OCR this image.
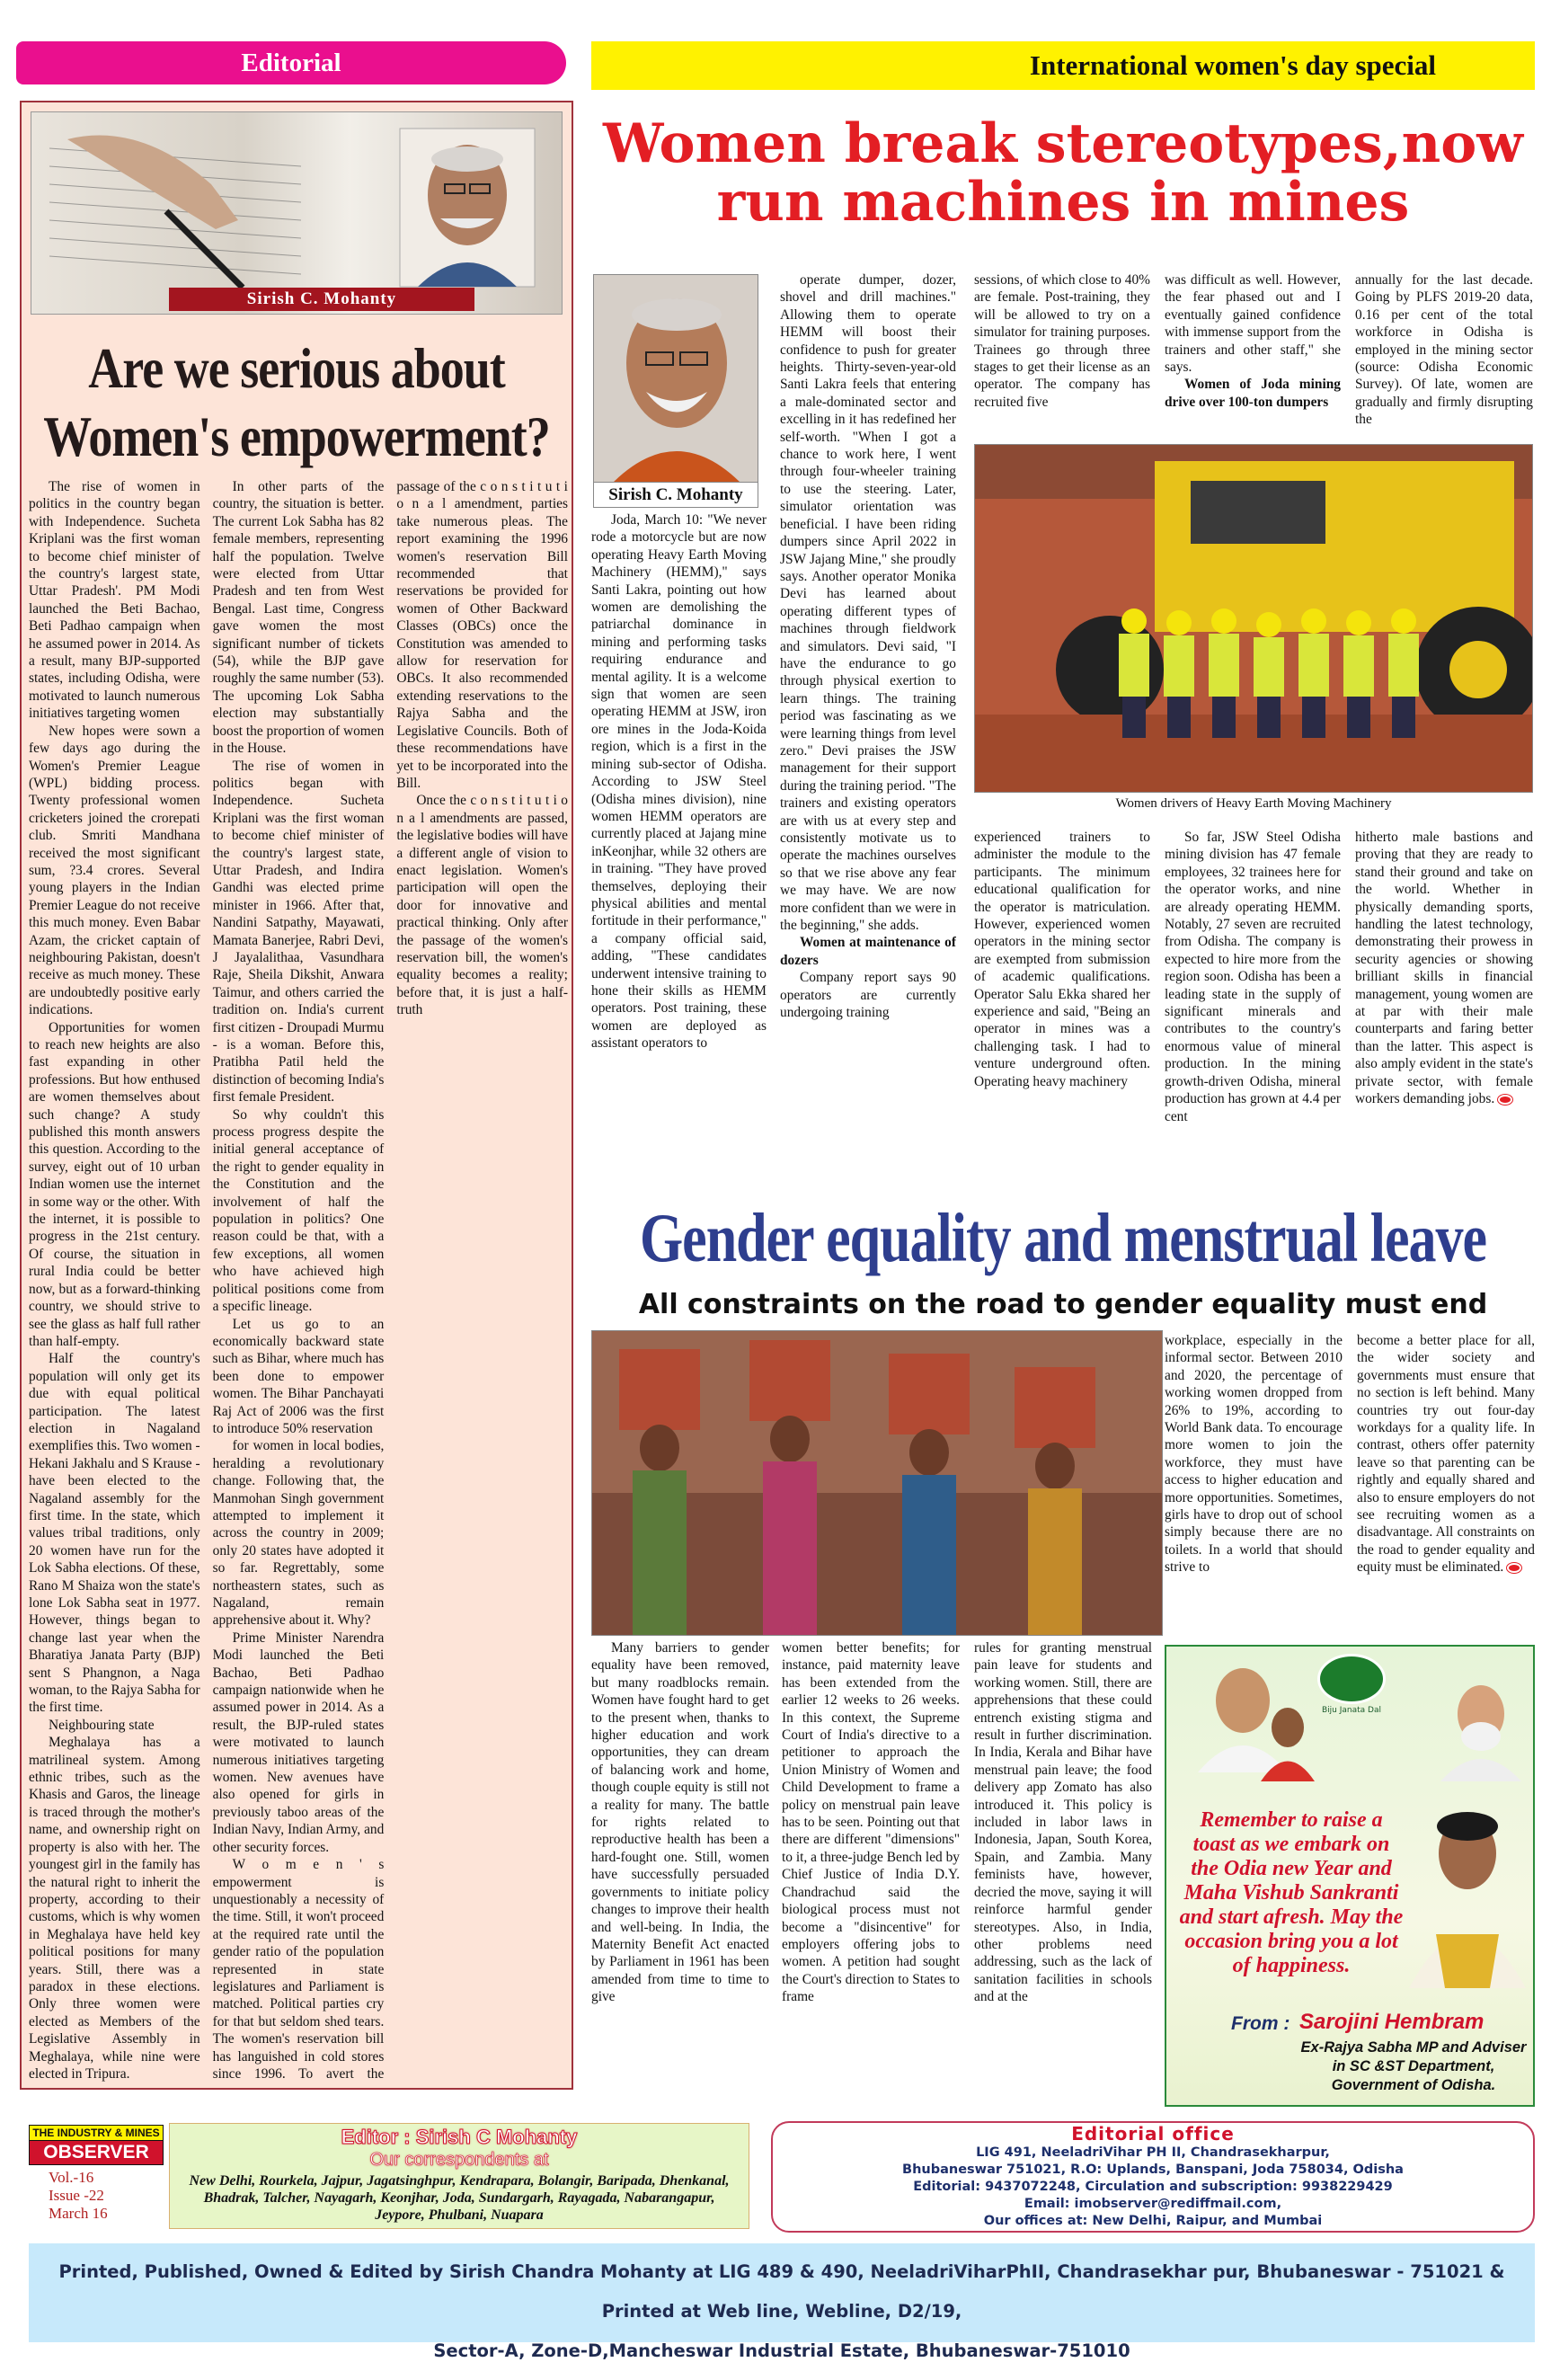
Editorial	International women's day special
Sirish C. Mohanty
Are we serious about
Women's empowerment?

The rise of women in politics in the country began with Independence. Sucheta Kriplani was the first woman to become chief minister of the country's largest state, Uttar Pradesh'. PM Modi launched the Beti Bachao, Beti Padhao campaign when he assumed power in 2014. As a result, many BJP-supported states, including Odisha, were motivated to launch numerous initiatives targeting women

New hopes were sown a few days ago during the Women's Premier League (WPL) bidding process. Twenty professional women cricketers joined the crorepati club. Smriti Mandhana received the most significant sum, ?3.4 crores. Several young players in the Indian Premier League do not receive this much money. Even Babar Azam, the cricket captain of neighbouring Pakistan, doesn't receive as much money. These are undoubtedly positive early indications.

Opportunities for women to reach new heights are also fast expanding in other professions. But how enthused are women themselves about such change? A study published this month answers this question. According to the survey, eight out of 10 urban Indian women use the internet in some way or the other. With the internet, it is possible to progress in the 21st century. Of course, the situation in rural India could be better now, but as a forward-thinking country, we should strive to see the glass as half full rather than half-empty.

Half the country's population will only get its due with equal political participation. The latest election in Nagaland exemplifies this. Two women - Hekani Jakhalu and S Krause - have been elected to the Nagaland assembly for the first time. In the state, which values tribal traditions, only 20 women have run for the Lok Sabha elections. Of these, Rano M Shaiza won the state's lone Lok Sabha seat in 1977. However, things began to change last year when the Bharatiya Janata Party (BJP) sent S Phangnon, a Naga woman, to the Rajya Sabha for the first time.

Neighbouring state

Meghalaya has a matrilineal system. Among ethnic tribes, such as the Khasis and Garos, the lineage is traced through the mother's name, and ownership right on property is also with her. The youngest girl in the family has the natural right to inherit the property, according to their customs, which is why women in Meghalaya have held key political positions for many years. Still, there was a paradox in these elections. Only three women were elected as Members of the Legislative Assembly in Meghalaya, while nine were elected in Tripura.

In other parts of the country, the situation is better. The current Lok Sabha has 82 female members, representing half the population. Twelve were elected from Uttar Pradesh and ten from West Bengal. Last time, Congress gave women the most significant number of tickets (54), while the BJP gave roughly the same number (53). The upcoming Lok Sabha election may substantially boost the proportion of women in the House.

The rise of women in politics began with Independence. Sucheta Kriplani was the first woman to become chief minister of the country's largest state, Uttar Pradesh, and Indira Gandhi was elected prime minister in 1966. After that, Nandini Satpathy, Mayawati, Mamata Banerjee, Rabri Devi, J Jayalalithaa, Vasundhara Raje, Sheila Dikshit, Anwara Taimur, and others carried the tradition on. India's current first citizen - Droupadi Murmu - is a woman. Before this, Pratibha Patil held the distinction of becoming India's first female President.

So why couldn't this process progress despite the initial general acceptance of the right to gender equality in the Constitution and the involvement of half the population in politics? One reason could be that, with a few exceptions, all women who have achieved high political positions come from a specific lineage.

Let us go to an economically backward state such as Bihar, where much has been done to empower women. The Bihar Panchayati Raj Act of 2006 was the first to introduce 50% reservation

for women in local bodies, heralding a revolutionary change. Following that, the Manmohan Singh government attempted to implement it across the country in 2009; only 20 states have adopted it so far. Regrettably, some northeastern states, such as Nagaland, remain apprehensive about it. Why?

Prime Minister Narendra Modi launched the Beti Bachao, Beti Padhao campaign nationwide when he assumed power in 2014. As a result, the BJP-ruled states were motivated to launch numerous initiatives targeting women. New avenues have also opened for girls in previously taboo areas of the Indian Navy, Indian Army, and other security forces.

W o m e n ' s empowerment is unquestionably a necessity of the time. Still, it won't proceed at the required rate until the gender ratio of the population represented in state legislatures and Parliament is matched. Political parties cry for that but seldom shed tears. The women's reservation bill has languished in cold stores since 1996. To avert the passage of the c o n s t i t u t i o n a l amendment, parties take numerous pleas. The report examining the 1996 women's reservation Bill recommended that reservations be provided for women of Other Backward Classes (OBCs) once the Constitution was amended to allow for reservation for OBCs. It also recommended extending reservations to the Rajya Sabha and the Legislative Councils. Both of these recommendations have yet to be incorporated into the Bill.

Once the c o n s t i t u t i o n a l amendments are passed, the legislative bodies will have a different angle of vision to enact legislation. Women's participation will open the door for innovative and practical thinking. Only after the passage of the women's reservation bill, the women's equality becomes a reality; before that, it is just a half-truth

Women break stereotypes,now
run machines in mines
Sirish C. Mohanty

Joda, March 10: "We never rode a motorcycle but are now operating Heavy Earth Moving Machinery (HEMM)," says Santi Lakra, pointing out how women are demolishing the patriarchal dominance in mining and performing tasks requiring endurance and mental agility. It is a welcome sign that women are seen operating HEMM at JSW, iron ore mines in the Joda-Koida region, which is a first in the mining sub-sector of Odisha. According to JSW Steel (Odisha mines division), nine women HEMM operators are currently placed at Jajang mine inKeonjhar, while 32 others are in training. "They have proved themselves, deploying their physical abilities and mental fortitude in their performance," a company official said, adding, "These candidates underwent intensive training to hone their skills as HEMM operators. Post training, these women are deployed as assistant operators to

operate dumper, dozer, shovel and drill machines." Allowing them to operate HEMM will boost their confidence to push for greater heights. Thirty-seven-year-old Santi Lakra feels that entering a male-dominated sector and excelling in it has redefined her self-worth. "When I got a chance to work here, I went through four-wheeler training to use the steering. Later, simulator orientation was beneficial. I have been riding dumpers since April 2022 in JSW Jajang Mine," she proudly says. Another operator Monika Devi has learned about operating different types of machines through fieldwork and simulators. Devi said, "I have the endurance to go through physical exertion to learn things. The training period was fascinating as we were learning things from level zero." Devi praises the JSW management for their support during the training period. "The trainers and existing operators are with us at every step and consistently motivate us to operate the machines ourselves so that we rise above any fear we may have. We are now more confident than we were in the beginning," she adds.

Women at maintenance of dozers

Company report says 90 operators are currently undergoing training

sessions, of which close to 40% are female. Post-training, they will be allowed to try on a simulator for training purposes. Trainees go through three stages to get their license as an operator. The company has recruited five

was difficult as well. However, the fear phased out and I eventually gained confidence with immense support from the trainers and other staff," she says.

Women of Joda mining drive over 100-ton dumpers

annually for the last decade. Going by PLFS 2019-20 data, 0.16 per cent of the total workforce in Odisha is employed in the mining sector (source: Odisha Economic Survey). Of late, women are gradually and firmly disrupting the

Women drivers of Heavy Earth Moving Machinery

experienced trainers to administer the module to the participants. The minimum educational qualification for the operator is matriculation. However, experienced women operators in the mining sector are exempted from submission of academic qualifications. Operator Salu Ekka shared her experience and said, "Being an operator in mines was a challenging task. I had to venture underground often. Operating heavy machinery

So far, JSW Steel Odisha mining division has 47 female employees, 32 trainees here for the operator works, and nine are already operating HEMM. Notably, 27 seven are recruited from Odisha. The company is expected to hire more from the region soon. Odisha has been a leading state in the supply of significant minerals and contributes to the country's enormous value of mineral production. In the mining growth-driven Odisha, mineral production has grown at 4.4 per cent

hitherto male bastions and proving that they are ready to stand their ground and take on the world. Whether in physically demanding sports, handling the latest technology, demonstrating their prowess in security agencies or showing brilliant skills in financial management, young women are at par with their male counterparts and faring better than the latter. This aspect is also amply evident in the state's private sector, with female workers demanding jobs.

Gender equality and menstrual leave
All constraints on the road to gender equality must end

workplace, especially in the informal sector. Between 2010 and 2020, the percentage of working women dropped from 26% to 19%, according to World Bank data. To encourage more women to join the workforce, they must have access to higher education and more opportunities. Sometimes, girls have to drop out of school simply because there are no toilets. In a world that should strive to

become a better place for all, the wider society and governments must ensure that no section is left behind. Many countries try out four-day workdays for a quality life. In contrast, others offer paternity leave so that parenting can be rightly and equally shared and also to ensure employers do not see recruiting women as a disadvantage. All constraints on the road to gender equality and equity must be eliminated.

Many barriers to gender equality have been removed, but many roadblocks remain. Women have fought hard to get to the present when, thanks to higher education and work opportunities, they can dream of balancing work and home, though couple equity is still not a reality for many. The battle for rights related to reproductive health has been a hard-fought one. Still, women have successfully persuaded governments to initiate policy changes to improve their health and well-being. In India, the Maternity Benefit Act enacted by Parliament in 1961 has been amended from time to time to give

women better benefits; for instance, paid maternity leave has been extended from the earlier 12 weeks to 26 weeks. In this context, the Supreme Court of India's directive to a petitioner to approach the Union Ministry of Women and Child Development to frame a policy on menstrual pain leave has to be seen. Pointing out that there are different "dimensions" to it, a three-judge Bench led by Chief Justice of India D.Y. Chandrachud said the biological process must not become a "disincentive" for employers offering jobs to women. A petition had sought the Court's direction to States to frame

rules for granting menstrual pain leave for students and working women. Still, there are apprehensions that these could entrench existing stigma and result in further discrimination. In India, Kerala and Bihar have menstrual pain leave; the food delivery app Zomato has also introduced it. This policy is included in labor laws in Indonesia, Japan, South Korea, Spain, and Zambia. Many feminists have, however, decried the move, saying it will reinforce harmful gender stereotypes. Also, in India, other problems need addressing, such as the lack of sanitation facilities in schools and at the

Biju Janata Dal
Remember to raise a toast as we embark on the Odia new Year and Maha Vishub Sankranti and start afresh. May the occasion bring you a lot of happiness.
From : Sarojini Hembram
Ex-Rajya Sabha MP and Adviser in SC &ST Department, Government of Odisha.
THE INDUSTRY & MINES
OBSERVER
Vol.-16
Issue -22
March 16
Editor : Sirish C Mohanty
Our correspondents at
New Delhi, Rourkela, Jajpur, Jagatsinghpur, Kendrapara, Bolangir, Baripada, Dhenkanal, Bhadrak, Talcher, Nayagarh, Keonjhar, Joda, Sundargarh, Rayagada, Nabarangapur, Jeypore, Phulbani, Nuapara
Editorial office
LIG 491, NeeladriVihar PH II, Chandrasekharpur,
Bhubaneswar 751021, R.O: Uplands, Banspani, Joda 758034, Odisha
Editorial: 9437072248, Circulation and subscription: 9938229429
Email: imobserver@rediffmail.com,
Our offices at: New Delhi, Raipur, and Mumbai
Printed, Published, Owned & Edited by Sirish Chandra Mohanty at LIG 489 & 490, NeeladriViharPhII, Chandrasekhar pur, Bhubaneswar - 751021 & Printed at Web line, Webline, D2/19,
Sector-A, Zone-D,Mancheswar Industrial Estate, Bhubaneswar-751010
